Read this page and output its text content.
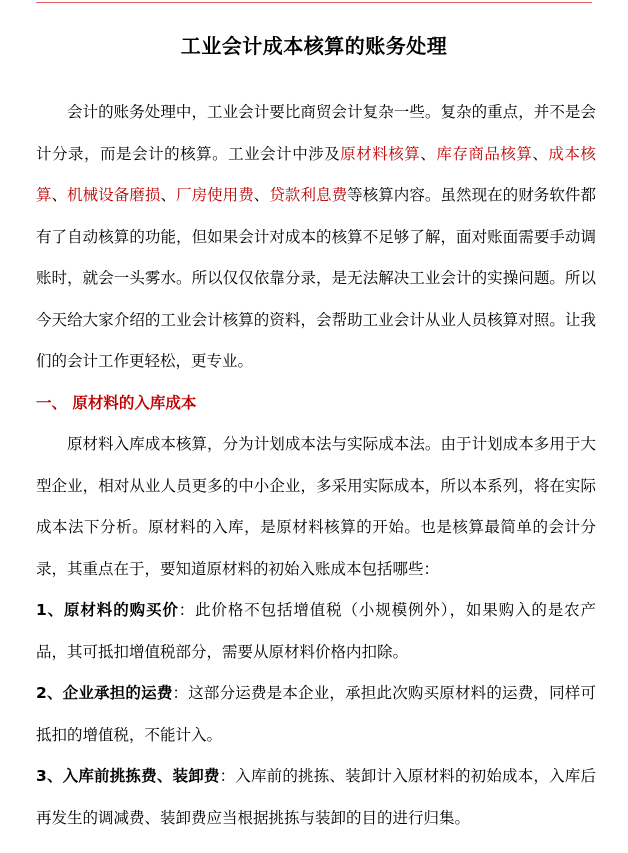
工业会计成本核算的账务处理

会计的账务处理中，工业会计要比商贸会计复杂一些。复杂的重点，并不是会计分录，而是会计的核算。工业会计中涉及原材料核算、库存商品核算、成本核算、机械设备磨损、厂房使用费、贷款利息费等核算内容。虽然现在的财务软件都有了自动核算的功能，但如果会计对成本的核算不足够了解，面对账面需要手动调账时，就会一头雾水。所以仅仅依靠分录，是无法解决工业会计的实操问题。所以今天给大家介绍的工业会计核算的资料，会帮助工业会计从业人员核算对照。让我们的会计工作更轻松，更专业。

一、 原材料的入库成本

原材料入库成本核算，分为计划成本法与实际成本法。由于计划成本多用于大型企业，相对从业人员更多的中小企业，多采用实际成本，所以本系列，将在实际成本法下分析。原材料的入库，是原材料核算的开始。也是核算最简单的会计分录，其重点在于，要知道原材料的初始入账成本包括哪些：

1、原材料的购买价：此价格不包括增值税（小规模例外），如果购入的是农产品，其可抵扣增值税部分，需要从原材料价格内扣除。

2、企业承担的运费：这部分运费是本企业，承担此次购买原材料的运费，同样可抵扣的增值税，不能计入。

3、入库前挑拣费、装卸费：入库前的挑拣、装卸计入原材料的初始成本，入库后再发生的调减费、装卸费应当根据挑拣与装卸的目的进行归集。
